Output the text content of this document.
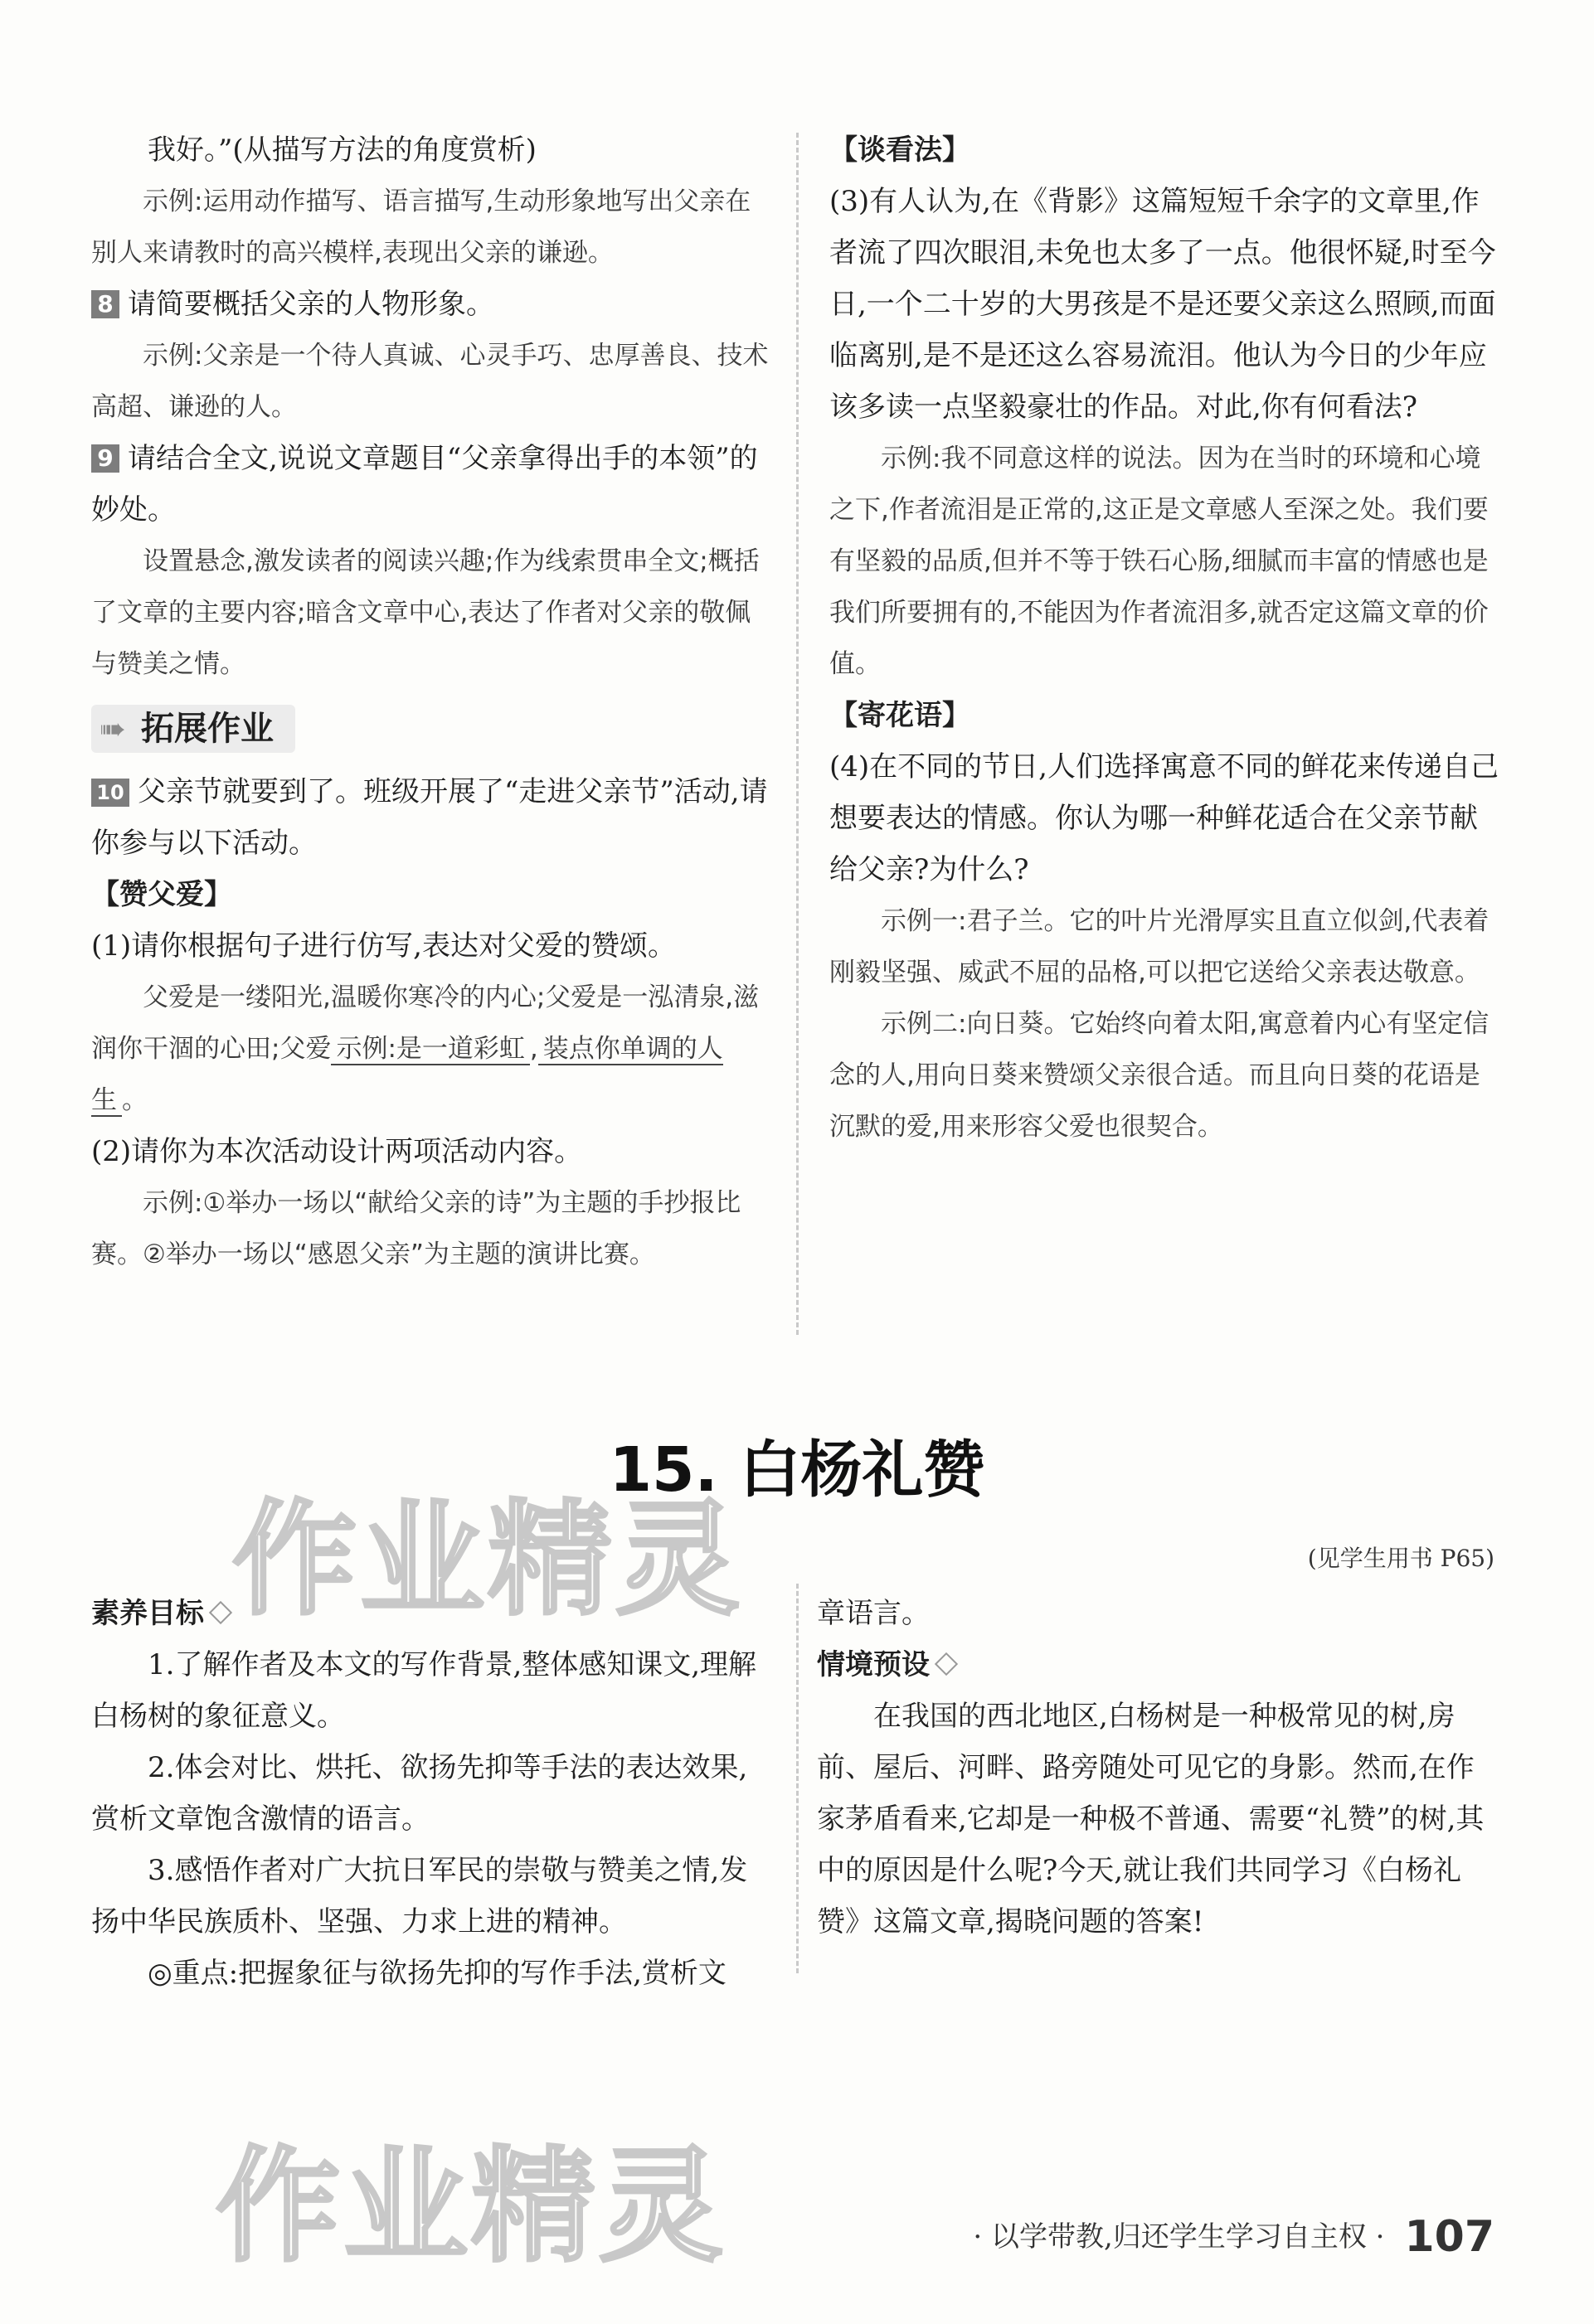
我好。”(从描写方法的角度赏析)

示例:运用动作描写、语言描写,生动形象地写出父亲在别人来请教时的高兴模样,表现出父亲的谦逊。

8 请简要概括父亲的人物形象。

示例:父亲是一个待人真诚、心灵手巧、忠厚善良、技术高超、谦逊的人。

9 请结合全文,说说文章题目“父亲拿得出手的本领”的妙处。

设置悬念,激发读者的阅读兴趣;作为线索贯串全文;概括了文章的主要内容;暗含文章中心,表达了作者对父亲的敬佩与赞美之情。

➠ 拓展作业

10 父亲节就要到了。班级开展了“走进父亲节”活动,请你参与以下活动。

【赞父爱】

(1)请你根据句子进行仿写,表达对父爱的赞颂。

父爱是一缕阳光,温暖你寒冷的内心;父爱是一泓清泉,滋润你干涸的心田;父爱 示例:是一道彩虹 , 装点你单调的人生 。

(2)请你为本次活动设计两项活动内容。

示例:①举办一场以“献给父亲的诗”为主题的手抄报比赛。②举办一场以“感恩父亲”为主题的演讲比赛。

【谈看法】

(3)有人认为,在《背影》这篇短短千余字的文章里,作者流了四次眼泪,未免也太多了一点。他很怀疑,时至今日,一个二十岁的大男孩是不是还要父亲这么照顾,而面临离别,是不是还这么容易流泪。他认为今日的少年应该多读一点坚毅豪壮的作品。对此,你有何看法?

示例:我不同意这样的说法。因为在当时的环境和心境之下,作者流泪是正常的,这正是文章感人至深之处。我们要有坚毅的品质,但并不等于铁石心肠,细腻而丰富的情感也是我们所要拥有的,不能因为作者流泪多,就否定这篇文章的价值。

【寄花语】

(4)在不同的节日,人们选择寓意不同的鲜花来传递自己想要表达的情感。你认为哪一种鲜花适合在父亲节献给父亲?为什么?

示例一:君子兰。它的叶片光滑厚实且直立似剑,代表着刚毅坚强、威武不屈的品格,可以把它送给父亲表达敬意。

示例二:向日葵。它始终向着太阳,寓意着内心有坚定信念的人,用向日葵来赞颂父亲很合适。而且向日葵的花语是沉默的爱,用来形容父爱也很契合。

作业精灵
作业精灵
15. 白杨礼赞
(见学生用书 P65)

素养目标

1.了解作者及本文的写作背景,整体感知课文,理解白杨树的象征意义。

2.体会对比、烘托、欲扬先抑等手法的表达效果,赏析文章饱含激情的语言。

3.感悟作者对广大抗日军民的崇敬与赞美之情,发扬中华民族质朴、坚强、力求上进的精神。

◎重点:把握象征与欲扬先抑的写作手法,赏析文

章语言。

情境预设

在我国的西北地区,白杨树是一种极常见的树,房前、屋后、河畔、路旁随处可见它的身影。然而,在作家茅盾看来,它却是一种极不普通、需要“礼赞”的树,其中的原因是什么呢?今天,就让我们共同学习《白杨礼赞》这篇文章,揭晓问题的答案!

· 以学带教,归还学生学习自主权 · 107
